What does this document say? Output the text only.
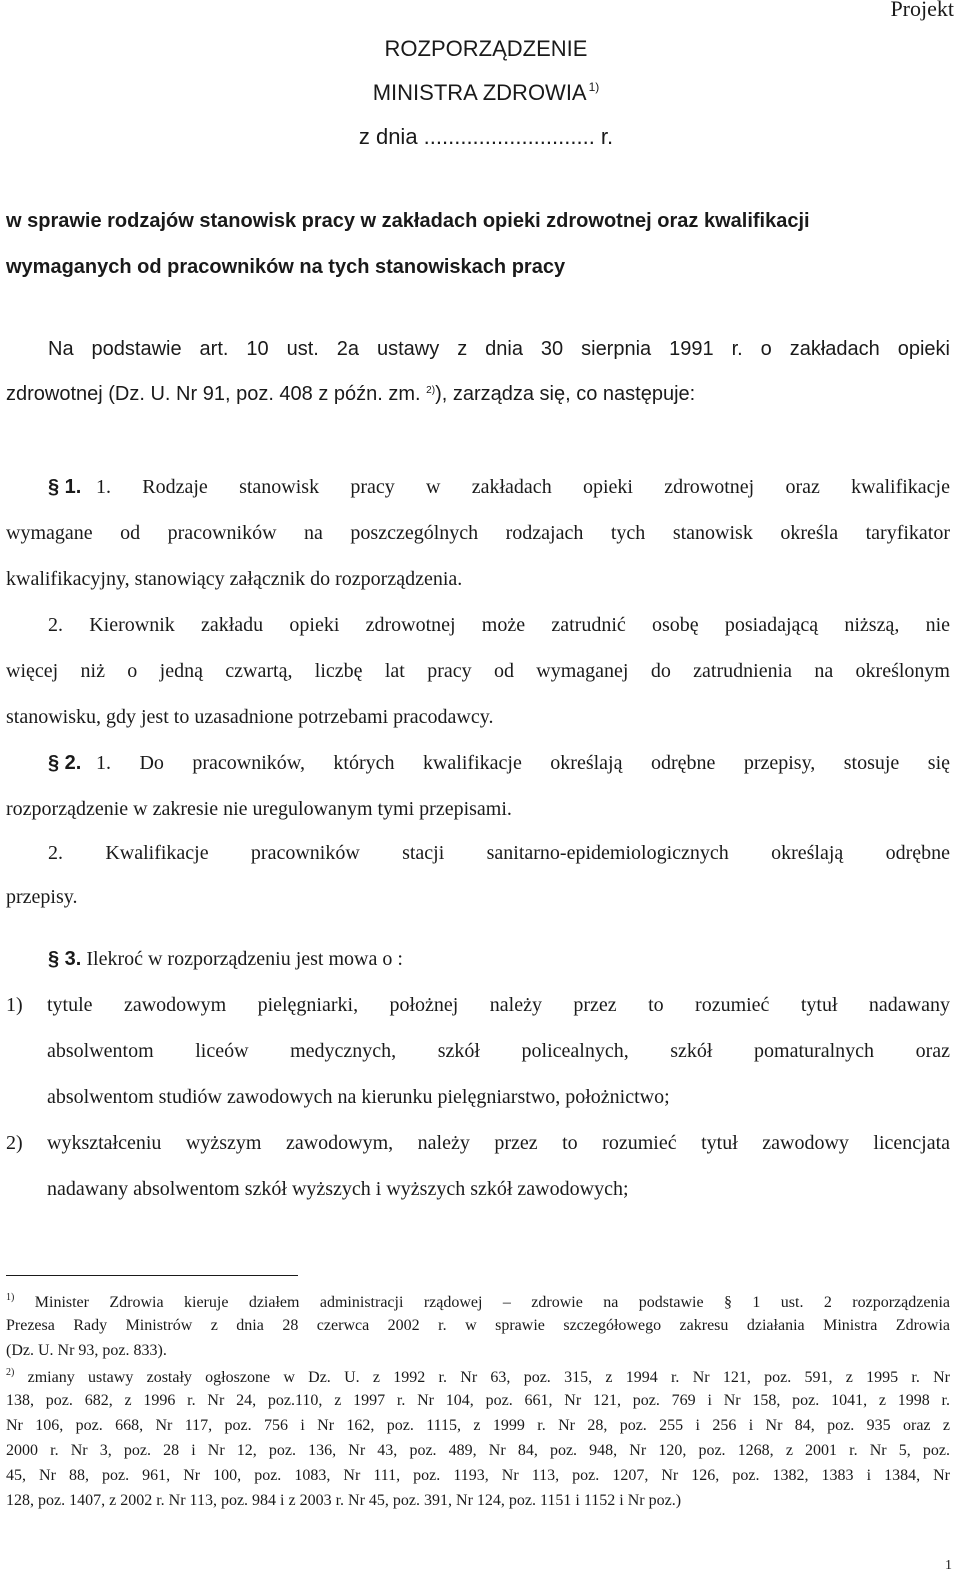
Projekt
ROZPORZĄDZENIE
MINISTRA ZDROWIA $^{1)}$
z dnia ............................ r.
w sprawie rodzajów stanowisk pracy w zakładach opieki zdrowotnej oraz kwalifikacji
wymaganych od pracowników na tych stanowiskach pracy
Na podstawie art. 10 ust. 2a ustawy z dnia 30 sierpnia 1991 r. o zakładach opieki
zdrowotnej (Dz. U. Nr 91, poz. 408 z późn. zm. $^{2)}$), zarządza się, co następuje:
§ 1. 1. Rodzaje stanowisk pracy w zakładach opieki zdrowotnej oraz kwalifikacje
wymagane od pracowników na poszczególnych rodzajach tych stanowisk określa taryfikator
kwalifikacyjny, stanowiący załącznik do rozporządzenia.
2. Kierownik zakładu opieki zdrowotnej może zatrudnić osobę posiadającą niższą, nie
więcej niż o jedną czwartą, liczbę lat pracy od wymaganej do zatrudnienia na określonym
stanowisku, gdy jest to uzasadnione potrzebami pracodawcy.
§ 2. 1. Do pracowników, których kwalifikacje określają odrębne przepisy, stosuje się
rozporządzenie w zakresie nie uregulowanym tymi przepisami.
2. Kwalifikacje pracowników stacji sanitarno-epidemiologicznych określają odrębne
przepisy.
§ 3. Ilekroć w rozporządzeniu jest mowa o :
1) tytule zawodowym pielęgniarki, położnej należy przez to rozumieć tytuł nadawany
absolwentom liceów medycznych, szkół policealnych, szkół pomaturalnych oraz
absolwentom studiów zawodowych na kierunku pielęgniarstwo, położnictwo;
2) wykształceniu wyższym zawodowym, należy przez to rozumieć tytuł zawodowy licencjata
nadawany absolwentom szkół wyższych i wyższych szkół zawodowych;
$^{1)}$ Minister Zdrowia kieruje działem administracji rządowej – zdrowie na podstawie § 1 ust. 2 rozporządzenia
Prezesa Rady Ministrów z dnia 28 czerwca 2002 r. w sprawie szczegółowego zakresu działania Ministra Zdrowia
(Dz. U. Nr 93, poz. 833).
$^{2)}$ zmiany ustawy zostały ogłoszone w Dz. U. z 1992 r. Nr 63, poz. 315, z 1994 r. Nr 121, poz. 591, z 1995 r. Nr
138, poz. 682, z 1996 r. Nr 24, poz.110, z 1997 r. Nr 104, poz. 661, Nr 121, poz. 769 i Nr 158, poz. 1041, z 1998 r.
Nr 106, poz. 668, Nr 117, poz. 756 i Nr 162, poz. 1115, z 1999 r. Nr 28, poz. 255 i 256 i Nr 84, poz. 935 oraz z
2000 r. Nr 3, poz. 28 i Nr 12, poz. 136, Nr 43, poz. 489, Nr 84, poz. 948, Nr 120, poz. 1268, z 2001 r. Nr 5, poz.
45, Nr 88, poz. 961, Nr 100, poz. 1083, Nr 111, poz. 1193, Nr 113, poz. 1207, Nr 126, poz. 1382, 1383 i 1384, Nr
128, poz. 1407, z 2002 r. Nr 113, poz. 984 i z 2003 r. Nr 45, poz. 391, Nr 124, poz. 1151 i 1152 i Nr poz.)
1
